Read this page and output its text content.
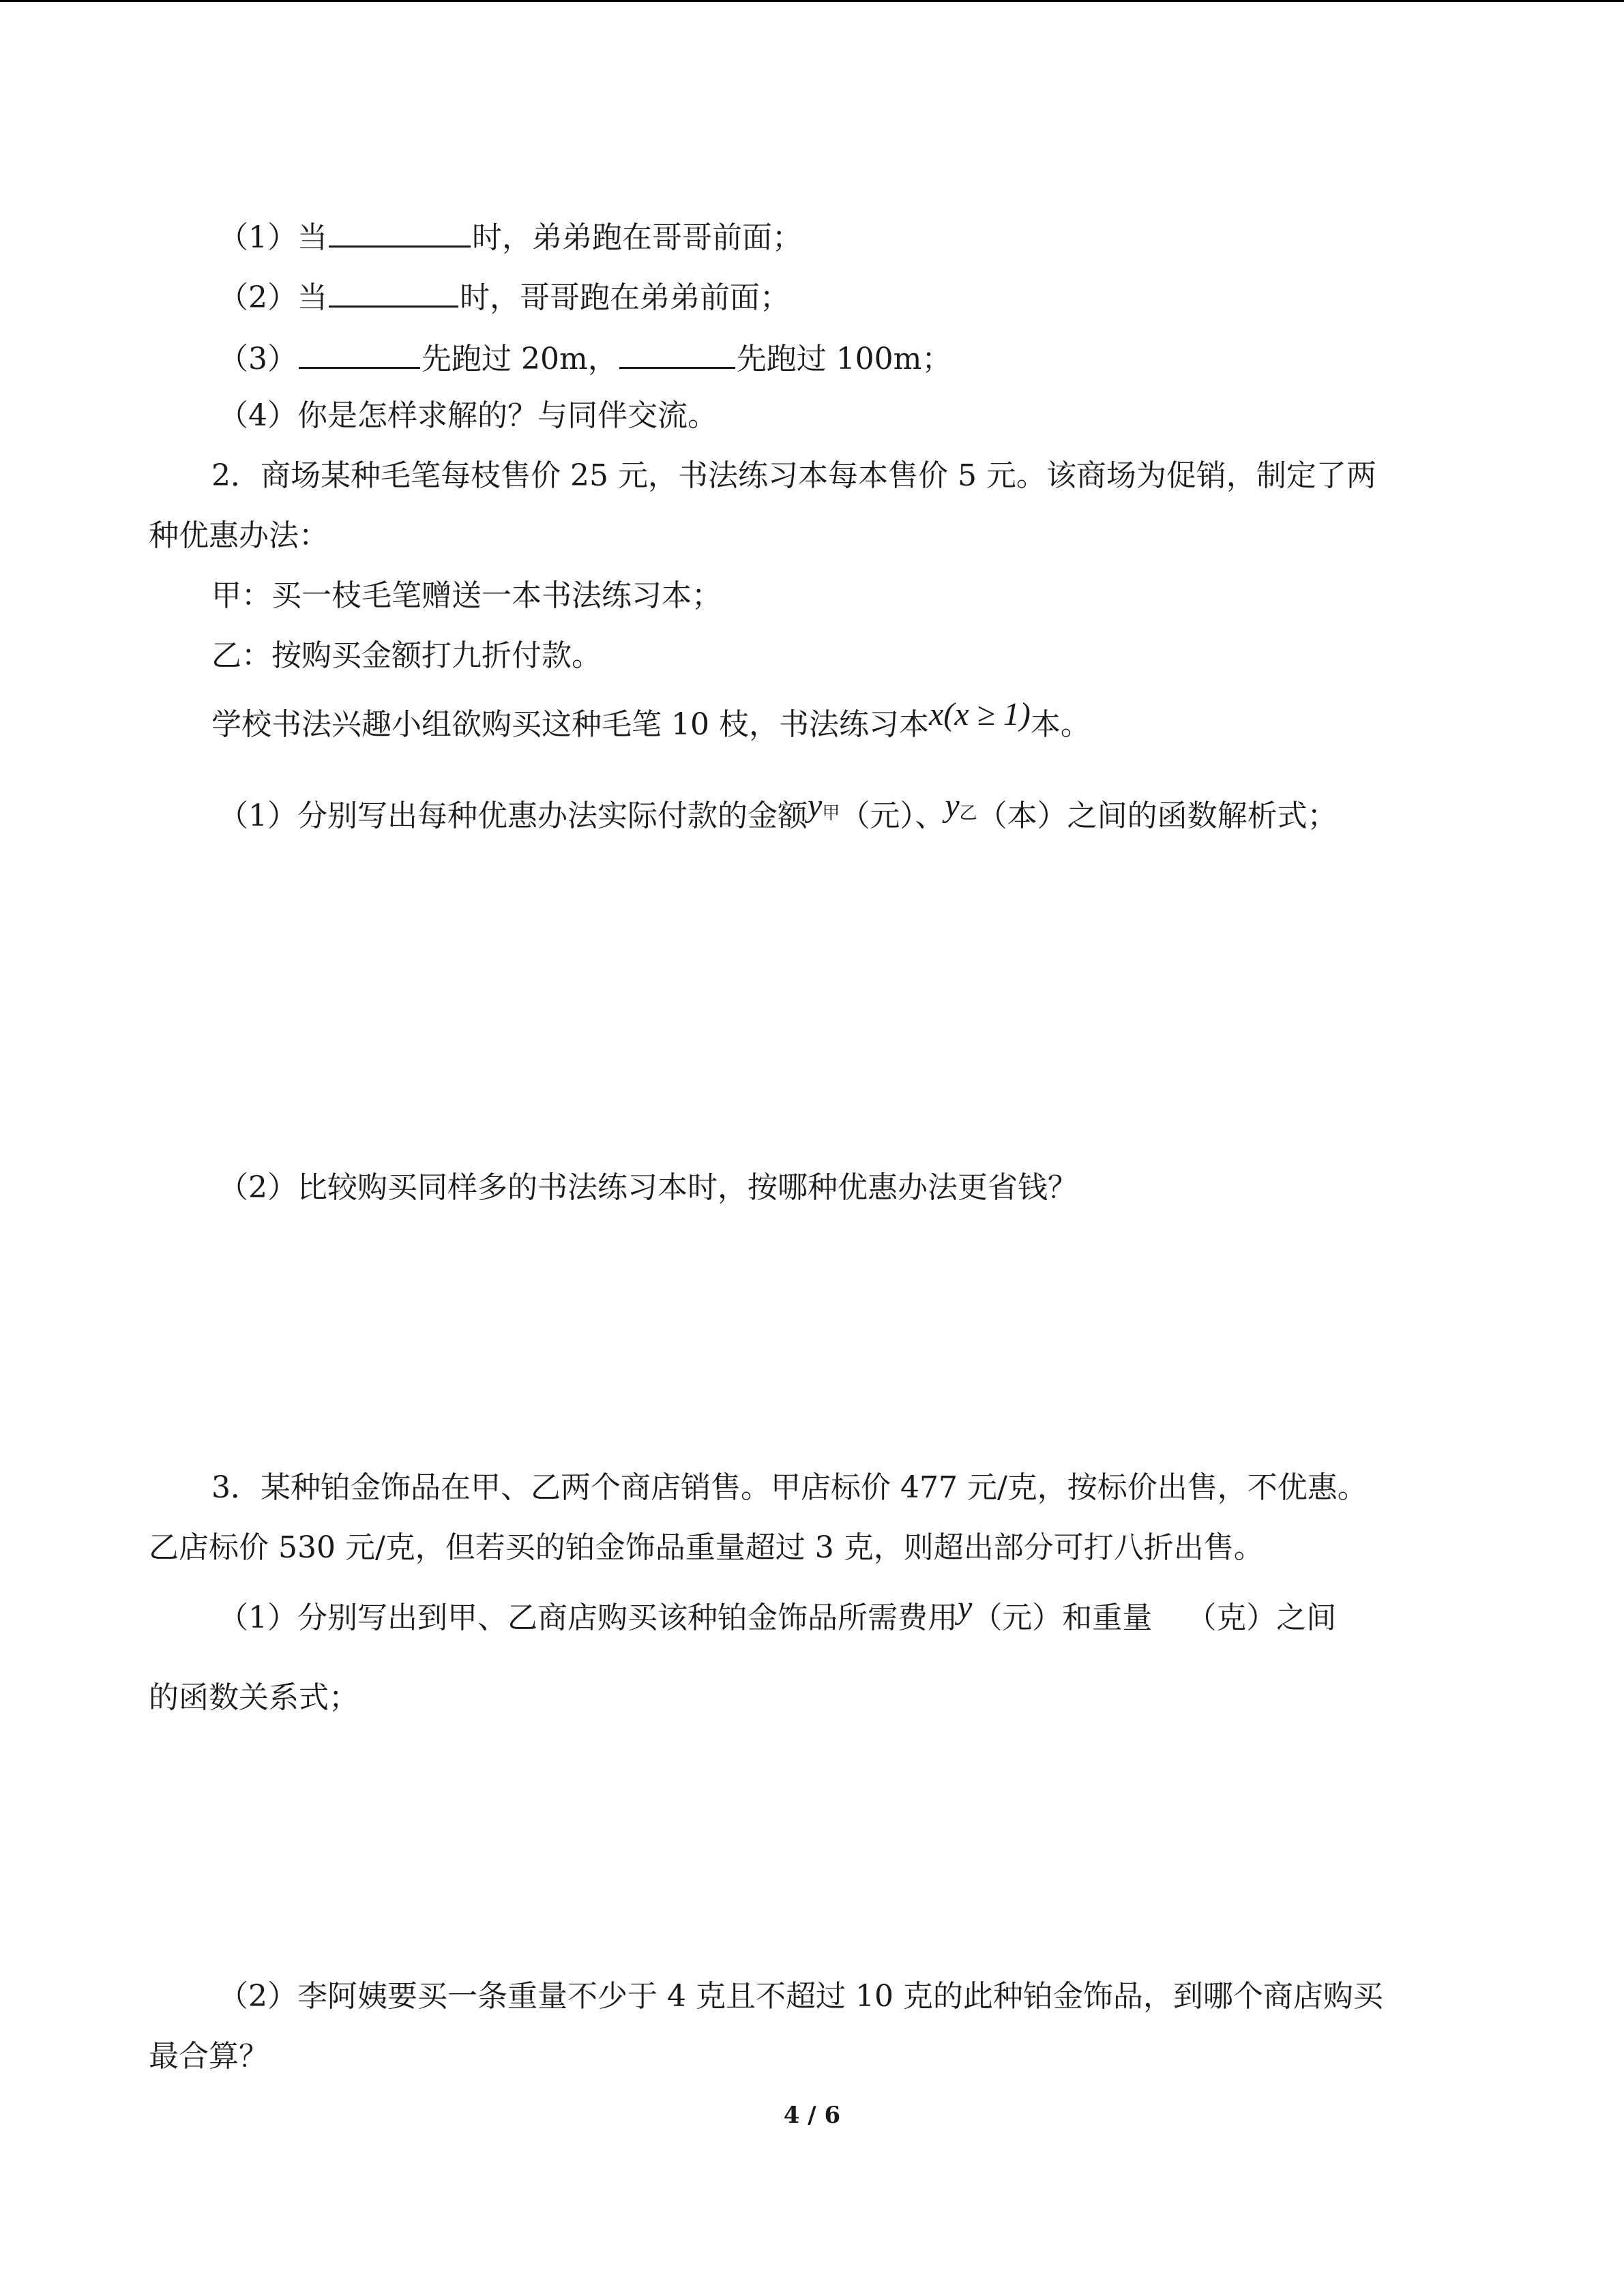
（1）当	时，弟弟跑在哥哥前面；
（2）当	时，哥哥跑在弟弟前面；
（3）	先跑过 20m，	先跑过 100m；
（4）你是怎样求解的？与同伴交流。
2．商场某种毛笔每枝售价 25 元，书法练习本每本售价 5 元。该商场为促销，制定了两
种优惠办法：
甲：买一枝毛笔赠送一本书法练习本；
乙：按购买金额打九折付款。
学校书法兴趣小组欲购买这种毛笔 10 枝，书法练习本x(x ≥ 1)本。
（1）分别写出每种优惠办法实际付款的金额y甲（元）、y乙（本）之间的函数解析式；
（2）比较购买同样多的书法练习本时，按哪种优惠办法更省钱？
3．某种铂金饰品在甲、乙两个商店销售。甲店标价 477 元/克，按标价出售，不优惠。
乙店标价 530 元/克，但若买的铂金饰品重量超过 3 克，则超出部分可打八折出售。
（1）分别写出到甲、乙商店购买该种铂金饰品所需费用y（元）和重量 （克）之间
的函数关系式；
（2）李阿姨要买一条重量不少于 4 克且不超过 10 克的此种铂金饰品，到哪个商店购买
最合算？
4 / 6
